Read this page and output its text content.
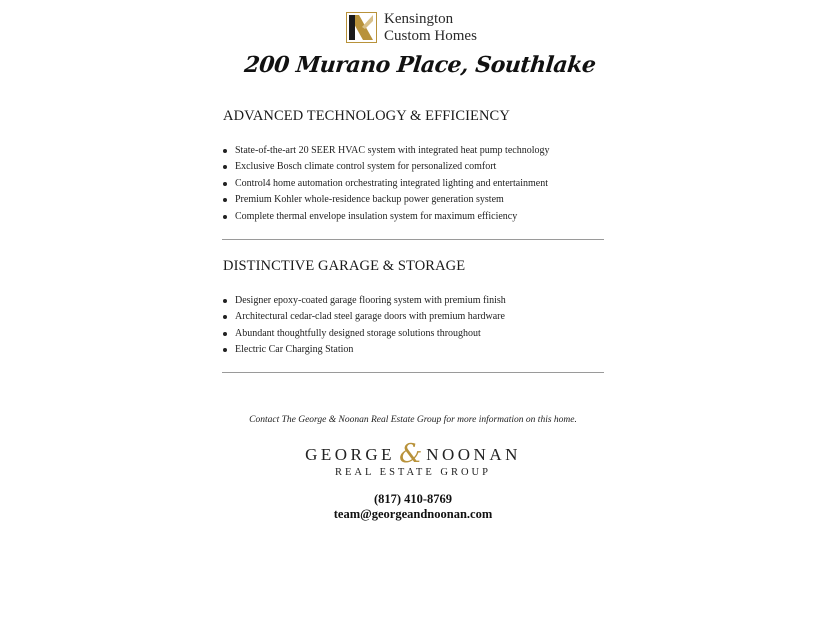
Kensington
Custom Homes
200 Murano Place, Southlake
ADVANCED TECHNOLOGY & EFFICIENCY
State-of-the-art 20 SEER HVAC system with integrated heat pump technology
Exclusive Bosch climate control system for personalized comfort
Control4 home automation orchestrating integrated lighting and entertainment
Premium Kohler whole-residence backup power generation system
Complete thermal envelope insulation system for maximum efficiency
DISTINCTIVE GARAGE & STORAGE
Designer epoxy-coated garage flooring system with premium finish
Architectural cedar-clad steel garage doors with premium hardware
Abundant thoughtfully designed storage solutions throughout
Electric Car Charging Station
Contact The George & Noonan Real Estate Group for more information on this home.
GEORGE & NOONAN
REAL ESTATE GROUP
(817) 410-8769
team@georgeandnoonan.com
